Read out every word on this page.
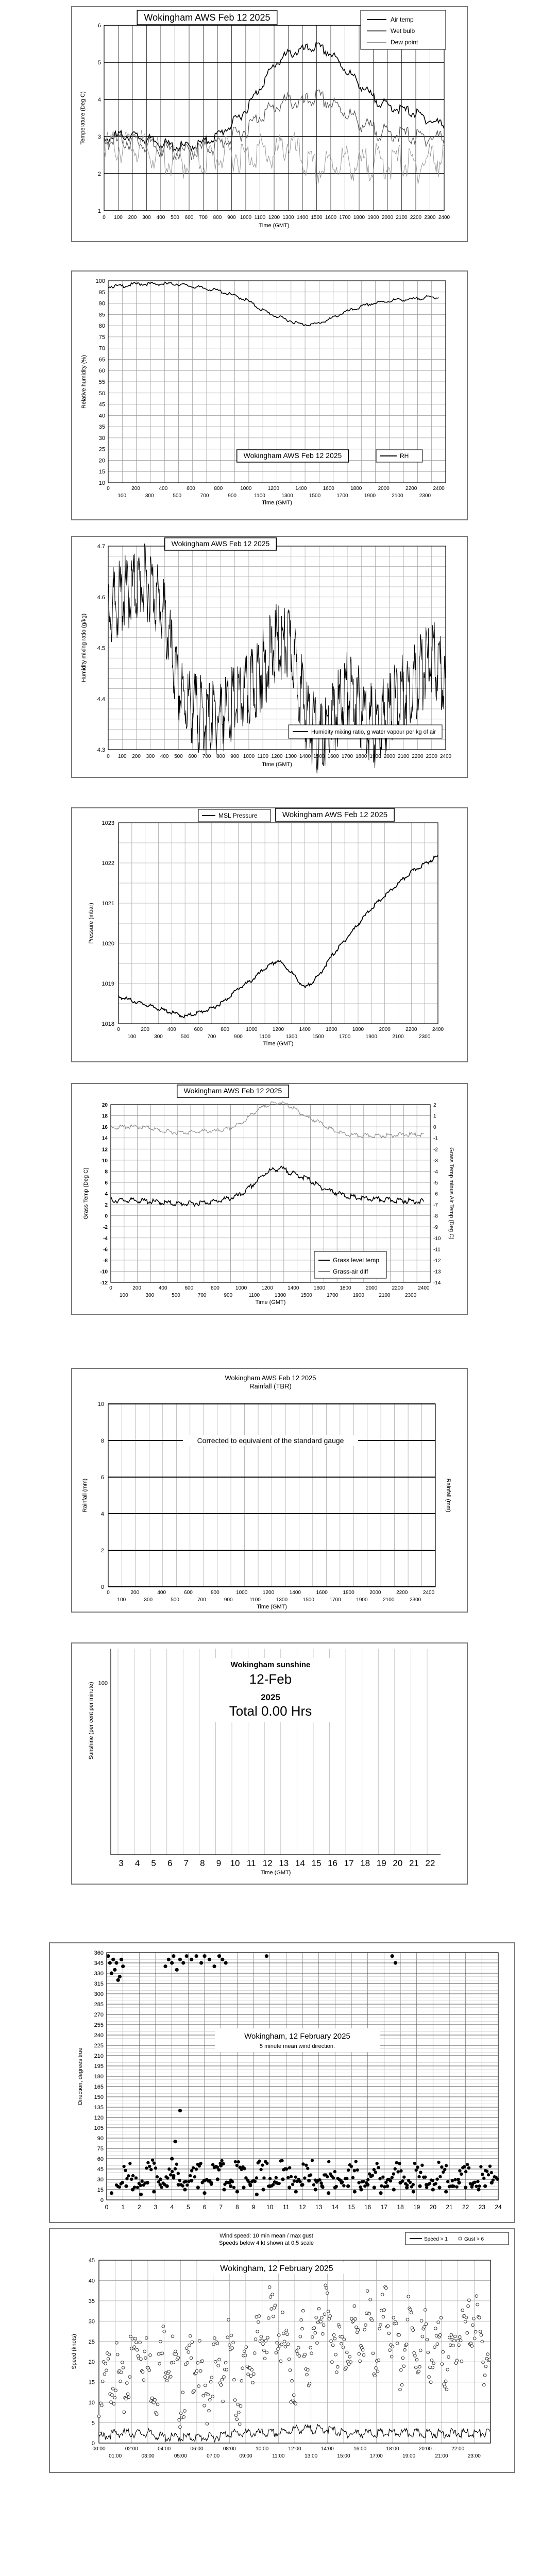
1
2
3
4
5
6
0 100 200 300 400 500 600 700 800 900 1000 1100 1200 1300 1400 1500 1600 1700 1800 1900 2000 2100 2200 2300 2400
Time (GMT)
Temperature (Deg C)
Wokingham AWS Feb 12 2025	Air temp
Wet bulb
Dew point
10
15
20
25
30
35
40
45
50
55
60
65
70
75
80
85
90
95
100
0	200	400	600	800	1000	1200	1400	1600	1800	2000	2200	2400
100	300	500	700	900	1100	1300	1500	1700	1900	2100	2300
Time (GMT)
Relative humidity (%)
Wokingham AWS Feb 12 2025	RH
4.3
4.4
4.5
4.6
4.7
0 100 200 300 400 500 600 700 800 900 1000 1100 1200 1300 1400 1500 1600 1700 1800 1900 2000 2100 2200 2300 2400
Time (GMT)
Humidity mixing ratio (g/kg)
Wokingham AWS Feb 12 2025
Humidity mixing ratio, g water vapour per kg of air
1018
1019
1020
1021
1022
1023
0	200	400	600	800	1000	1200	1400	1600	1800	2000	2200	2400
100	300	500	700	900	1100	1300	1500	1700	1900	2100	2300
Time (GMT)
Pressure (mbar)
MSL Pressure	Wokingham AWS Feb 12 2025
-12
-10
-8
-6
-4
-2
0
2
4
6
8
10
12
14
16
18
20
-14
-13
-12
-11
-10
-9
-8
-7
-6
-5
-4
-3
-2
-1
0
1
2
0	200	400	600	800	1000	1200	1400	1600	1800	2000	2200	2400
100	300	500	700	900	1100	1300	1500	1700	1900	2100	2300
Time (GMT)
Grass Temp (Deg C)	Grass Temp minus Air Temp (Deg C)
Wokingham AWS Feb 12 2025
Grass level temp
Grass-air diff
0
2
4
6
8
10
0	200	400	600	800	1000	1200	1400	1600	1800	2000	2200	2400
100	300	500	700	900	1100	1300	1500	1700	1900	2100	2300
Time (GMT)
Rainfall (mm)	Rainfall (mm)
Wokingham AWS Feb 12 2025
Rainfall (TBR)
Corrected to equivalent of the standard gauge
100
3 4 5 6 7 8 9 10 11 12 13 14 15 16 17 18 19 20 21 22
Time (GMT)
Sunshine (per cent per minute)
Wokingham sunshine
12-Feb
2025
Total 0.00 Hrs
0
15
30
45
60
75
90
105
120
135
150
165
180
195
210
225
240
255
270
285
300
315
330
345
360
0 1 2 3 4 5 6 7 8 9 10 11 12 13 14 15 16 17 18 19 20 21 22 23 24
Direction, degrees true
Wokingham, 12 February 2025
5 minute mean wind direction.
0
5
10
15
20
25
30
35
40
45
00:00	02:00	04:00	06:00	08:00	10:00	12:00	14:00	16:00	18:00	20:00	22:00
01:00	03:00	05:00	07:00	09:00	11:00	13:00	15:00	17:00	19:00	21:00	23:00
Speed (knots)
Wind speed: 10 min mean / max gust
Speeds below 4 kt shown at 0.5 scale
Wokingham, 12 February 2025
Speed > 1	Gust > 6
